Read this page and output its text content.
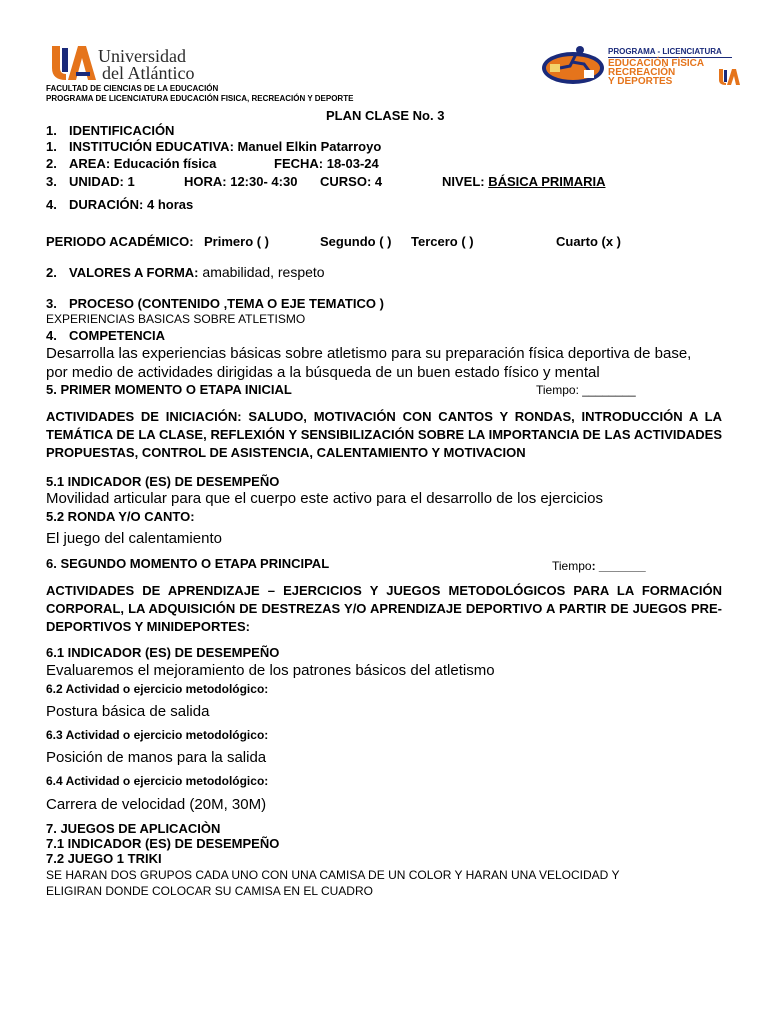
Universidad
del Atlántico
FACULTAD DE CIENCIAS DE LA EDUCACIÓN
PROGRAMA DE LICENCIATURA EDUCACIÓN FISICA, RECREACIÓN Y DEPORTE
PROGRAMA - LICENCIATURA
EDUCACIÓN FÍSICA
RECREACIÓN
Y DEPORTES
PLAN CLASE No. 3
1. IDENTIFICACIÓN
1. INSTITUCIÓN EDUCATIVA: Manuel Elkin Patarroyo
2. AREA: Educación física	FECHA: 18-03-24
3. UNIDAD: 1	HORA: 12:30- 4:30 CURSO: 4	NIVEL: BÁSICA PRIMARIA
4. DURACIÓN: 4 horas
PERIODO ACADÉMICO: Primero ( )	Segundo ( ) Tercero ( )	Cuarto (x )
2. VALORES A FORMA: amabilidad, respeto
3. PROCESO (CONTENIDO ,TEMA O EJE TEMATICO )
EXPERIENCIAS BASICAS SOBRE ATLETISMO
4. COMPETENCIA
Desarrolla las experiencias básicas sobre atletismo para su preparación física deportiva de base,
por medio de actividades dirigidas a la búsqueda de un buen estado físico y mental
5. PRIMER MOMENTO O ETAPA INICIAL	Tiempo: ________

ACTIVIDADES DE INICIACIÓN: SALUDO, MOTIVACIÓN CON CANTOS Y RONDAS, INTRODUCCIÓN A LA TEMÁTICA DE LA CLASE, REFLEXIÓN Y SENSIBILIZACIÓN SOBRE LA IMPORTANCIA DE LAS ACTIVIDADES PROPUESTAS, CONTROL DE ASISTENCIA, CALENTAMIENTO Y MOTIVACION

5.1 INDICADOR (ES) DE DESEMPEÑO
Movilidad articular para que el cuerpo este activo para el desarrollo de los ejercicios
5.2 RONDA Y/O CANTO:
El juego del calentamiento
6. SEGUNDO MOMENTO O ETAPA PRINCIPAL	Tiempo: _______

ACTIVIDADES DE APRENDIZAJE – EJERCICIOS Y JUEGOS METODOLÓGICOS PARA LA FORMACIÓN CORPORAL, LA ADQUISICIÓN DE DESTREZAS Y/O APRENDIZAJE DEPORTIVO A PARTIR DE JUEGOS PRE-DEPORTIVOS Y MINIDEPORTES:

6.1 INDICADOR (ES) DE DESEMPEÑO
Evaluaremos el mejoramiento de los patrones básicos del atletismo
6.2 Actividad o ejercicio metodológico:
Postura básica de salida
6.3 Actividad o ejercicio metodológico:
Posición de manos para la salida
6.4 Actividad o ejercicio metodológico:
Carrera de velocidad (20M, 30M)
7. JUEGOS DE APLICACIÒN
7.1 INDICADOR (ES) DE DESEMPEÑO
7.2 JUEGO 1 TRIKI
SE HARAN DOS GRUPOS CADA UNO CON UNA CAMISA DE UN COLOR Y HARAN UNA VELOCIDAD Y
ELIGIRAN DONDE COLOCAR SU CAMISA EN EL CUADRO
